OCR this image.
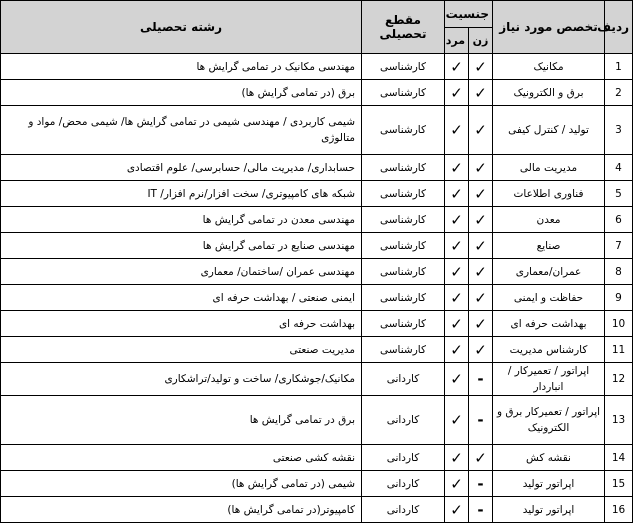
ردیف	تخصص مورد نیاز	جنسیت		مقطع تحصیلی	رشته تحصیلی
		زن	مرد		
1	مکانیک	✓	✓	کارشناسی	مهندسی مکانیک در تمامی گرایش ها
2	برق و الکترونیک	✓	✓	کارشناسی	برق (در تمامی گرایش ها)
3	تولید / کنترل کیفی	✓	✓	کارشناسی	شیمی کاربردی / مهندسی شیمی در تمامی گرایش ها/ شیمی محض/ مواد و متالوژی
4	مدیریت مالی	✓	✓	کارشناسی	حسابداری/ مدیریت مالی/ حسابرسی/ علوم اقتصادی
5	فناوری اطلاعات	✓	✓	کارشناسی	شبکه های کامپیوتری/ سخت افزار/نرم افزار/ IT
6	معدن	✓	✓	کارشناسی	مهندسی معدن در تمامی گرایش ها
7	صنایع	✓	✓	کارشناسی	مهندسی صنایع در تمامی گرایش ها
8	عمران/معماری	✓	✓	کارشناسی	مهندسی عمران /ساختمان/ معماری
9	حفاظت و ایمنی	✓	✓	کارشناسی	ایمنی صنعتی / بهداشت حرفه ای
10	بهداشت حرفه ای	✓	✓	کارشناسی	بهداشت حرفه ای
11	کارشناس مدیریت	✓	✓	کارشناسی	مدیریت صنعتی
12	اپراتور / تعمیرکار / انباردار	-	✓	کاردانی	مکانیک/جوشکاری/ ساخت و تولید/تراشکاری
13	اپراتور / تعمیرکار برق و الکترونیک	-	✓	کاردانی	برق در تمامی گرایش ها
14	نقشه کش	✓	✓	کاردانی	نقشه کشی صنعتی
15	اپراتور تولید	-	✓	کاردانی	شیمی (در تمامی گرایش ها)
16	اپراتور تولید	-	✓	کاردانی	کامپیوتر(در تمامی گرایش ها)
